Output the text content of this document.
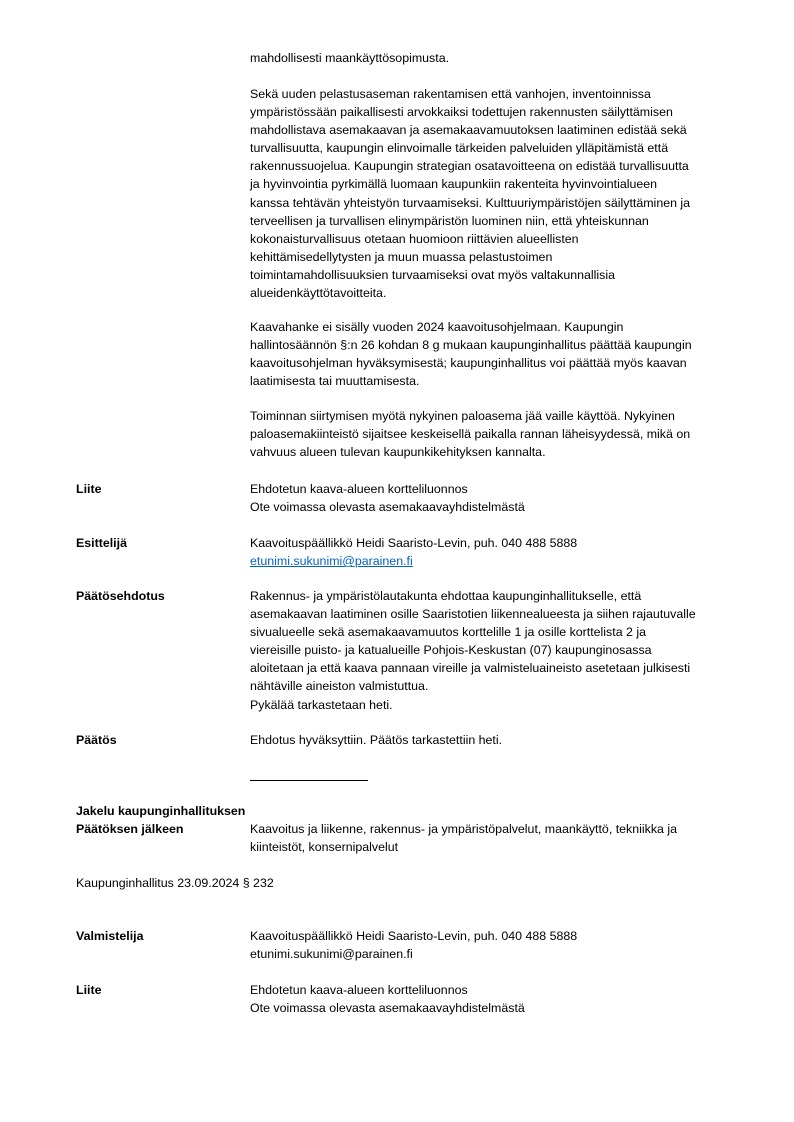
mahdollisesti maankäyttösopimusta.
Sekä uuden pelastusaseman rakentamisen että vanhojen, inventoinnissa
ympäristössään paikallisesti arvokkaiksi todettujen rakennusten säilyttämisen
mahdollistava asemakaavan ja asemakaavamuutoksen laatiminen edistää sekä
turvallisuutta, kaupungin elinvoimalle tärkeiden palveluiden ylläpitämistä että
rakennussuojelua. Kaupungin strategian osatavoitteena on edistää turvallisuutta
ja hyvinvointia pyrkimällä luomaan kaupunkiin rakenteita hyvinvointialueen
kanssa tehtävän yhteistyön turvaamiseksi. Kulttuuriympäristöjen säilyttäminen ja
terveellisen ja turvallisen elinympäristön luominen niin, että yhteiskunnan
kokonaisturvallisuus otetaan huomioon riittävien alueellisten
kehittämisedellytysten ja muun muassa pelastustoimen
toimintamahdollisuuksien turvaamiseksi ovat myös valtakunnallisia
alueidenkäyttötavoitteita.
Kaavahanke ei sisälly vuoden 2024 kaavoitusohjelmaan. Kaupungin
hallintosäännön §:n 26 kohdan 8 g mukaan kaupunginhallitus päättää kaupungin
kaavoitusohjelman hyväksymisestä; kaupunginhallitus voi päättää myös kaavan
laatimisesta tai muuttamisesta.
Toiminnan siirtymisen myötä nykyinen paloasema jää vaille käyttöä. Nykyinen
paloasemakiinteistö sijaitsee keskeisellä paikalla rannan läheisyydessä, mikä on
vahvuus alueen tulevan kaupunkikehityksen kannalta.
Liite	Ehdotetun kaava-alueen kortteliluonnos
Ote voimassa olevasta asemakaavayhdistelmästä
Esittelijä	Kaavoituspäällikkö Heidi Saaristo-Levin, puh. 040 488 5888
etunimi.sukunimi@parainen.fi
Päätösehdotus	Rakennus- ja ympäristölautakunta ehdottaa kaupunginhallitukselle, että
asemakaavan laatiminen osille Saaristotien liikennealueesta ja siihen rajautuvalle
sivualueelle sekä asemakaavamuutos korttelille 1 ja osille korttelista 2 ja
viereisille puisto- ja katualueille Pohjois-Keskustan (07) kaupunginosassa
aloitetaan ja että kaava pannaan vireille ja valmisteluaineisto asetetaan julkisesti
nähtäville aineiston valmistuttua.
Pykälää tarkastetaan heti.
Päätös	Ehdotus hyväksyttiin. Päätös tarkastettiin heti.
Jakelu kaupunginhallituksen
Päätöksen jälkeen	Kaavoitus ja liikenne, rakennus- ja ympäristöpalvelut, maankäyttö, tekniikka ja
kiinteistöt, konsernipalvelut
Kaupunginhallitus 23.09.2024 § 232
Valmistelija	Kaavoituspäällikkö Heidi Saaristo-Levin, puh. 040 488 5888
etunimi.sukunimi@parainen.fi
Liite	Ehdotetun kaava-alueen kortteliluonnos
Ote voimassa olevasta asemakaavayhdistelmästä
